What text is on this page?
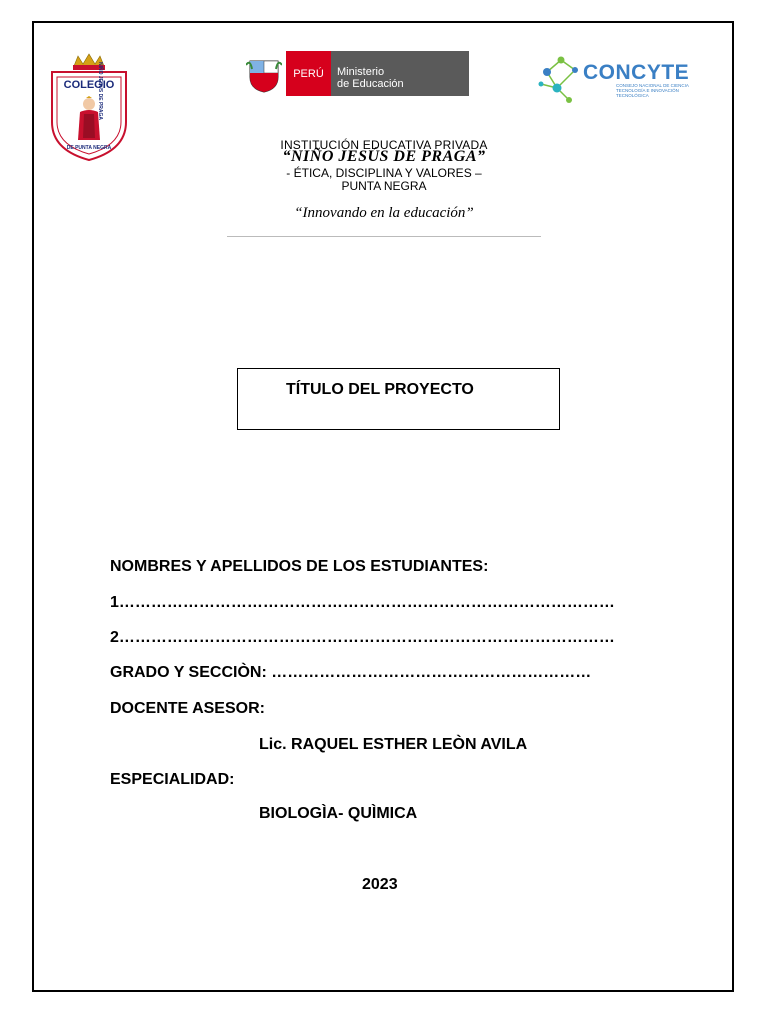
COLEGIO
NIÑO JESÚS DE PRAGA
DE PUNTA NEGRA
PERÚ	Ministerio
de Educación	CONCYTE
CONSEJO NACIONAL DE CIENCIA TECNOLOGÍA E INNOVACIÓN TECNOLÓGICA
INSTITUCIÓN EDUCATIVA PRIVADA
“NIÑO JESÚS DE PRAGA”
- ÉTICA, DISCIPLINA Y VALORES –
PUNTA NEGRA
“Innovando en la educación”
TÍTULO DEL PROYECTO
NOMBRES Y APELLIDOS DE LOS ESTUDIANTES:
1…………………………………………………………………………………
2…………………………………………………………………………………
GRADO Y SECCIÒN: ……………………………………………………
DOCENTE ASESOR:
Lic. RAQUEL ESTHER LEÒN AVILA
ESPECIALIDAD:
BIOLOGÌA- QUÌMICA
2023
